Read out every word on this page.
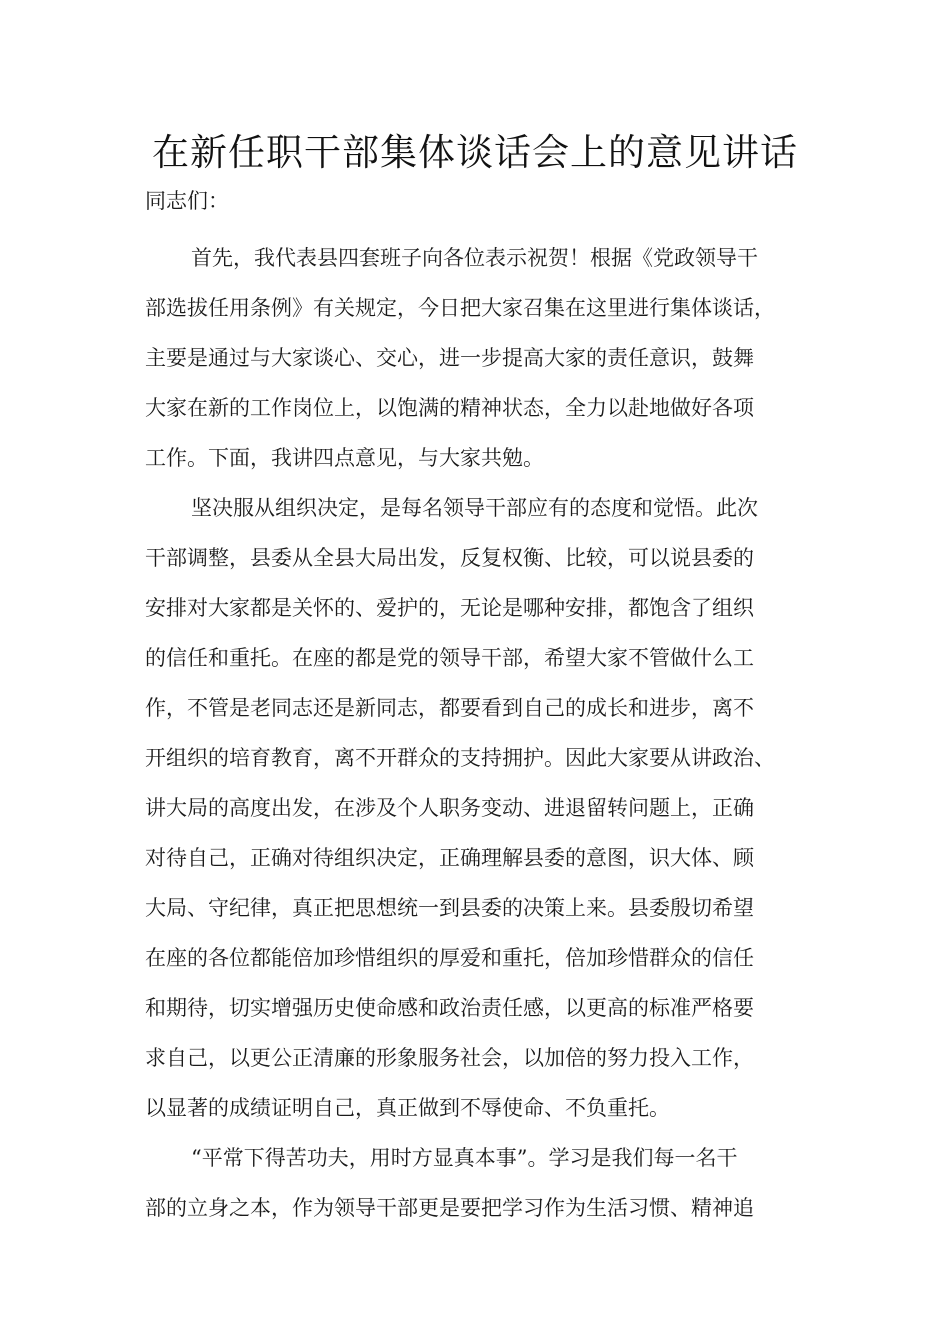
在新任职干部集体谈话会上的意见讲话

同志们：

首先，我代表县四套班子向各位表示祝贺！根据《党政领导干
部选拔任用条例》有关规定，今日把大家召集在这里进行集体谈话，
主要是通过与大家谈心、交心，进一步提高大家的责任意识，鼓舞
大家在新的工作岗位上，以饱满的精神状态，全力以赴地做好各项
工作。下面，我讲四点意见，与大家共勉。

坚决服从组织决定，是每名领导干部应有的态度和觉悟。此次
干部调整，县委从全县大局出发，反复权衡、比较，可以说县委的
安排对大家都是关怀的、爱护的，无论是哪种安排，都饱含了组织
的信任和重托。在座的都是党的领导干部，希望大家不管做什么工
作，不管是老同志还是新同志，都要看到自己的成长和进步，离不
开组织的培育教育，离不开群众的支持拥护。因此大家要从讲政治、
讲大局的高度出发，在涉及个人职务变动、进退留转问题上，正确
对待自己，正确对待组织决定，正确理解县委的意图，识大体、顾
大局、守纪律，真正把思想统一到县委的决策上来。县委殷切希望
在座的各位都能倍加珍惜组织的厚爱和重托，倍加珍惜群众的信任
和期待，切实增强历史使命感和政治责任感，以更高的标准严格要
求自己，以更公正清廉的形象服务社会，以加倍的努力投入工作，
以显著的成绩证明自己，真正做到不辱使命、不负重托。

“平常下得苦功夫，用时方显真本事”。学习是我们每一名干
部的立身之本，作为领导干部更是要把学习作为生活习惯、精神追
